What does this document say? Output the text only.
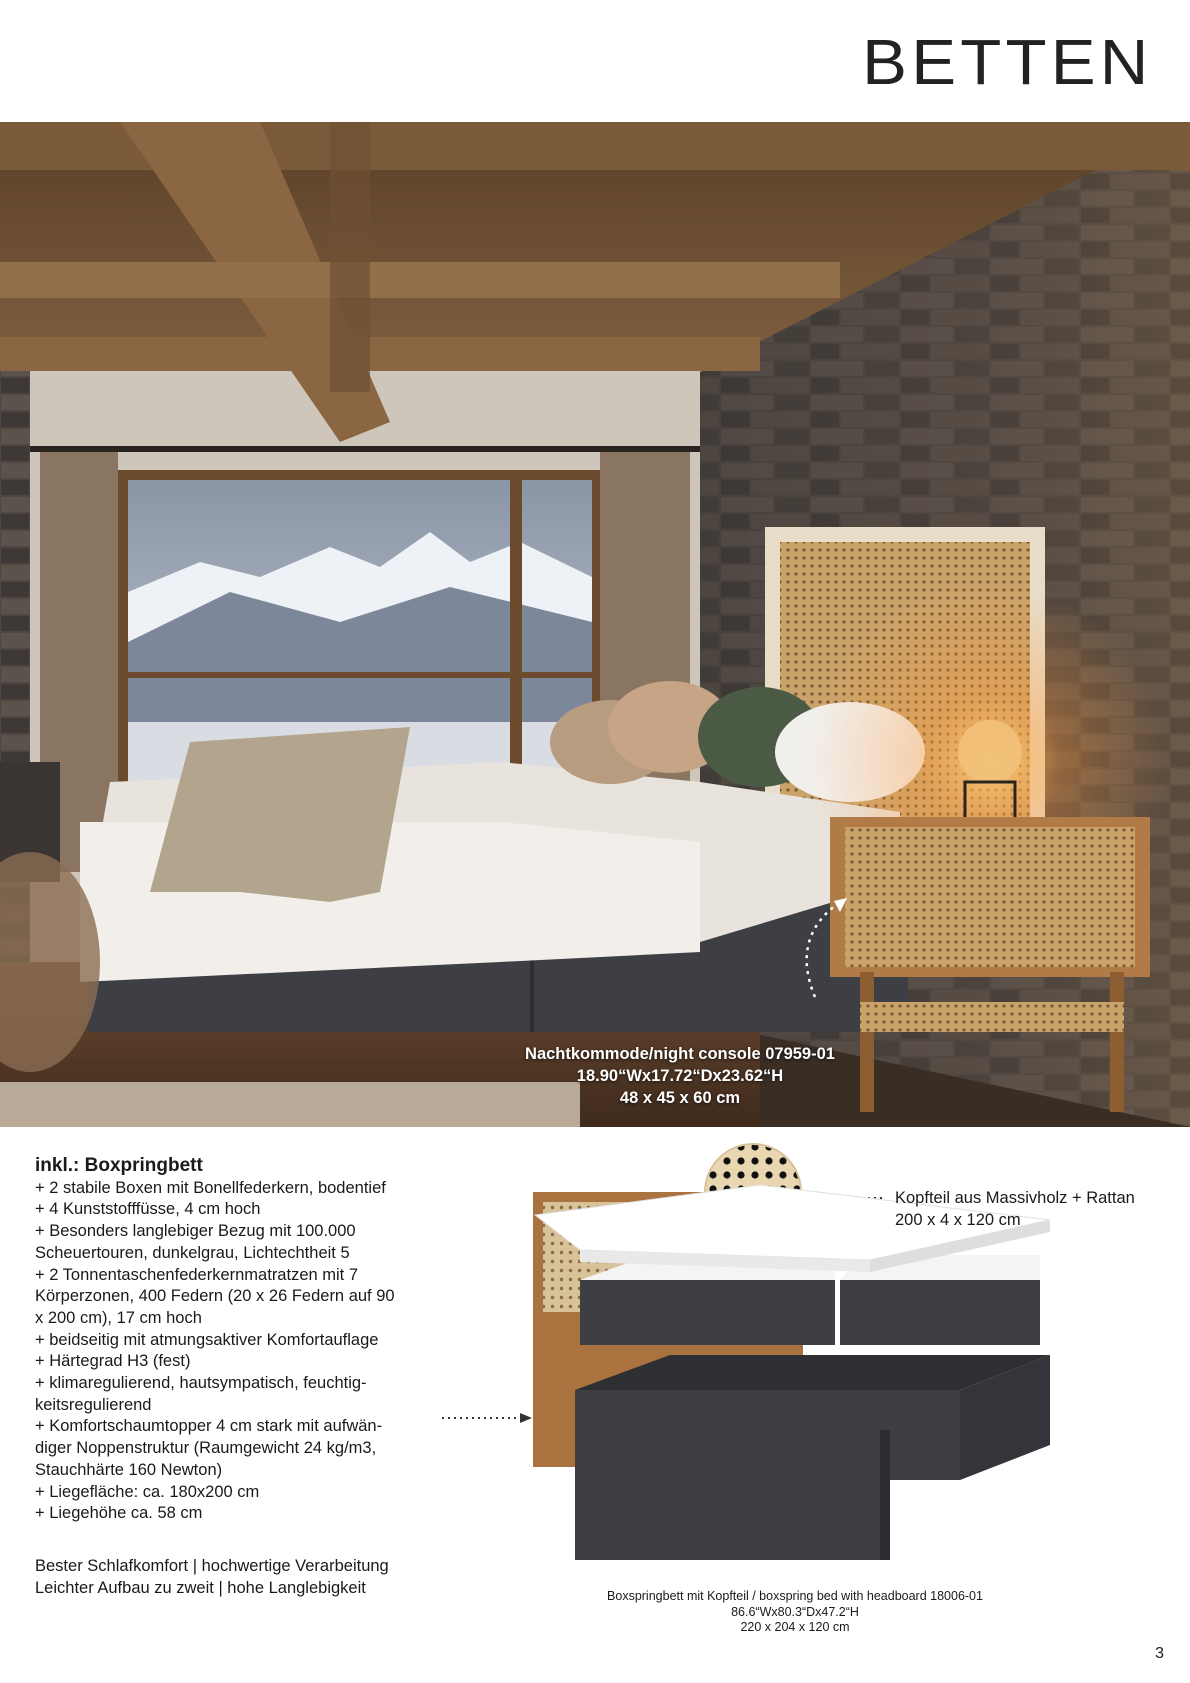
BETTEN
Nachtkommode/night console 07959-01
18.90“Wx17.72“Dx23.62“H
48 x 45 x 60 cm
inkl.: Boxpringbett
+ 2 stabile Boxen mit Bonellfederkern, bodentief
+ 4 Kunststofffüsse, 4 cm hoch
+ Besonders langlebiger Bezug mit 100.000
Scheuertouren, dunkelgrau, Lichtechtheit 5
+ 2 Tonnentaschenfederkernmatratzen mit 7
Körperzonen, 400 Federn (20 x 26 Federn auf 90
x 200 cm), 17 cm hoch
+ beidseitig mit atmungsaktiver Komfortauflage
+ Härtegrad H3 (fest)
+ klimaregulierend, hautsympatisch, feuchtig-
keitsregulierend
+ Komfortschaumtopper 4 cm stark mit aufwän-
diger Noppenstruktur (Raumgewicht 24 kg/m3,
Stauchhärte 160 Newton)
+ Liegefläche: ca. 180x200 cm
+ Liegehöhe ca. 58 cm
Bester Schlafkomfort | hochwertige Verarbeitung
Leichter Aufbau zu zweit | hohe Langlebigkeit
Kopfteil aus Massivholz + Rattan
200 x 4 x 120 cm
Boxspringbett mit Kopfteil / boxspring bed with headboard 18006-01
86.6“Wx80.3“Dx47.2“H
220 x 204 x 120 cm
3
